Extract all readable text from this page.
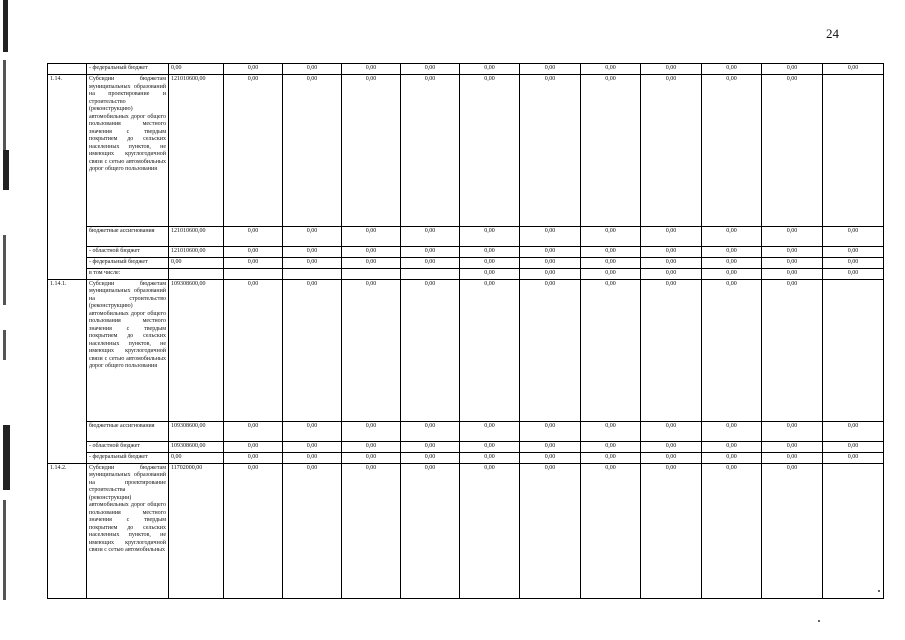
24
	- федеральный бюджет	0,00	0,00	0,00	0,00	0,00	0,00	0,00	0,00	0,00	0,00	0,00	0,00
1.14.	Субсидии бюджетам муниципальных образований на проектирование и строительство (реконструкцию) автомобильных дорог общего пользования местного значения с твердым покрытием до сельских населенных пунктов, не имеющих круглогодичной связи с сетью автомобильных дорог общего пользования	121010600,00	0,00	0,00	0,00	0,00	0,00	0,00	0,00	0,00	0,00	0,00	
	бюджетные ассигнования	121010600,00	0,00	0,00	0,00	0,00	0,00	0,00	0,00	0,00	0,00	0,00	0,00
	- областной бюджет	121010600,00	0,00	0,00	0,00	0,00	0,00	0,00	0,00	0,00	0,00	0,00	0,00
	- федеральный бюджет	0,00	0,00	0,00	0,00	0,00	0,00	0,00	0,00	0,00	0,00	0,00	0,00
	в том числе:						0,00	0,00	0,00	0,00	0,00	0,00	0,00
1.14.1.	Субсидии бюджетам муниципальных образований на строительство (реконструкцию) автомобильных дорог общего пользования местного значения с твердым покрытием до сельских населенных пунктов, не имеющих круглогодичной связи с сетью автомобильных дорог общего пользования	109308600,00	0,00	0,00	0,00	0,00	0,00	0,00	0,00	0,00	0,00	0,00	
	бюджетные ассигнования	109308600,00	0,00	0,00	0,00	0,00	0,00	0,00	0,00	0,00	0,00	0,00	0,00
	- областной бюджет	109308600,00	0,00	0,00	0,00	0,00	0,00	0,00	0,00	0,00	0,00	0,00	0,00
	- федеральный бюджет	0,00	0,00	0,00	0,00	0,00	0,00	0,00	0,00	0,00	0,00	0,00	0,00
1.14.2.	Субсидии бюджетам муниципальных образований на проектирование строительства (реконструкции) автомобильных дорог общего пользования местного значения с твердым покрытием до сельских населенных пунктов, не имеющих круглогодичной связи с сетью автомобильных	11702000,00	0,00	0,00	0,00	0,00	0,00	0,00	0,00	0,00	0,00	0,00	
